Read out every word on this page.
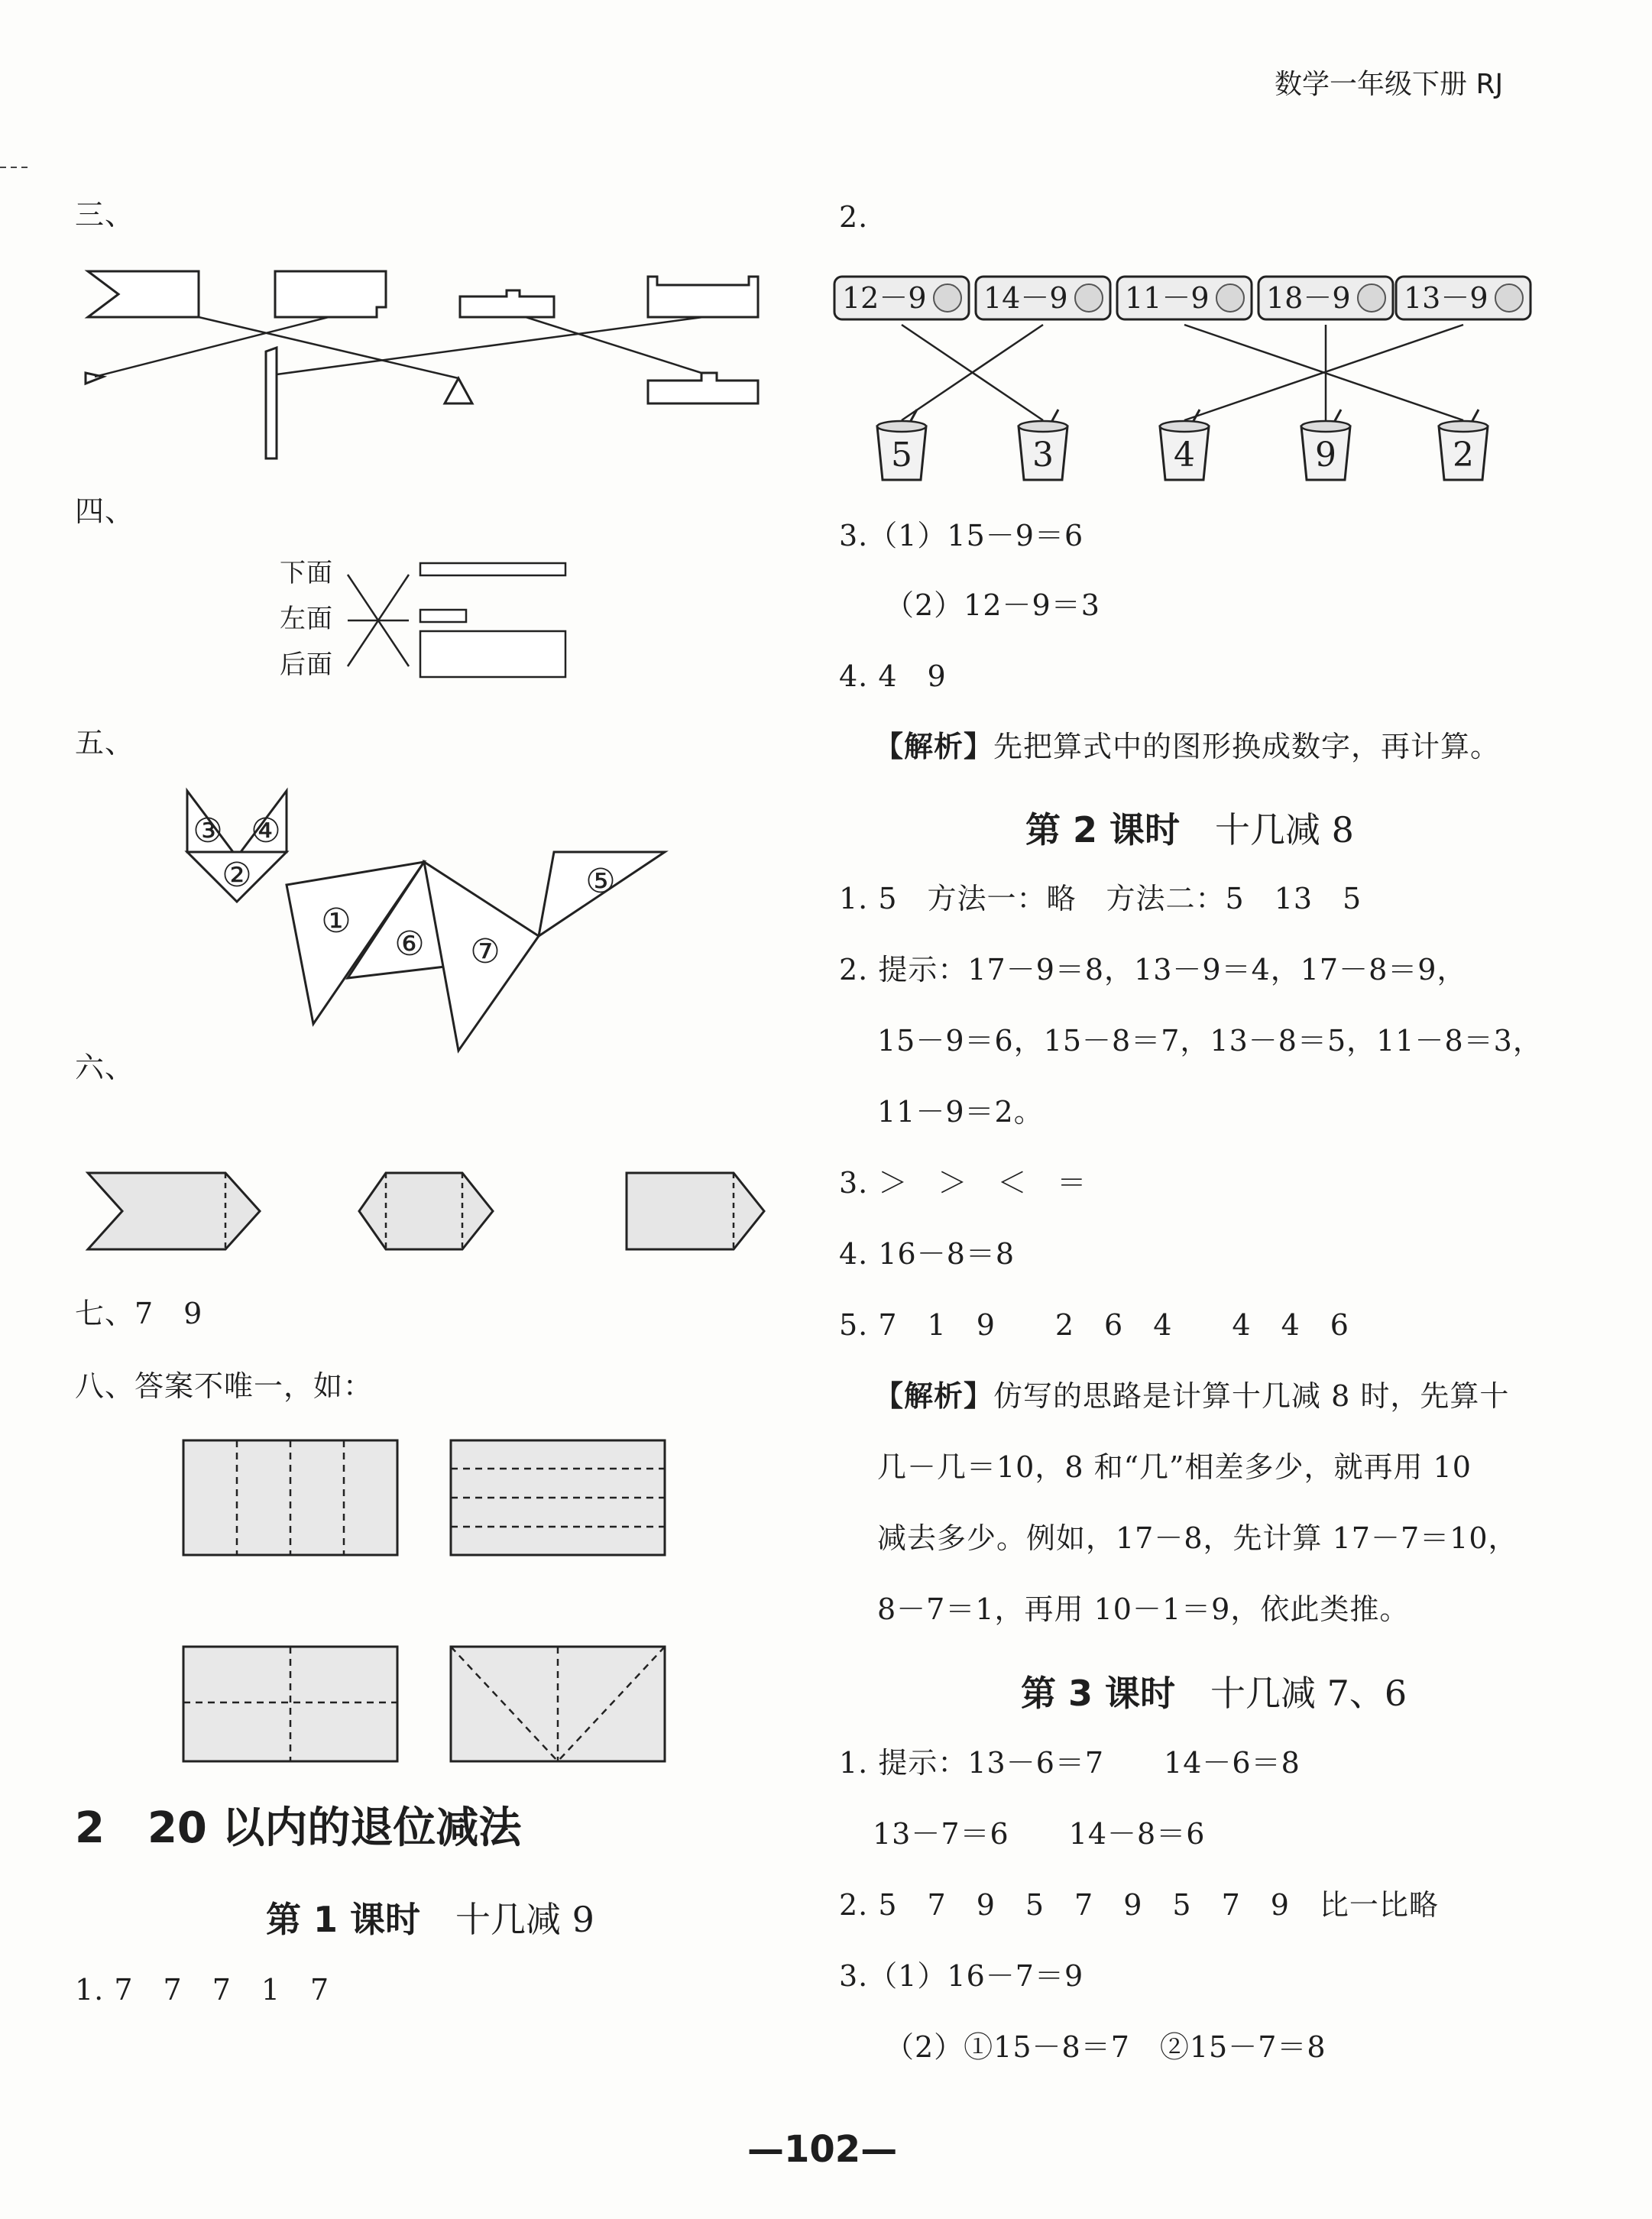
数学一年级下册 RJ
三、
四、
下面
左面
后面
五、
③ ④
②
①
⑥ ⑦
⑤
六、
七、7　9
八、答案不唯一，如：
2　20 以内的退位减法
第 1 课时　 十几减 9
1. 7　7　7　1　7
2.
12－9 14－9 11－9 18－9 13－9
5	3	4	9	2
3.（1）15－9＝6
（2）12－9＝3
4. 4　9
【解析】先把算式中的图形换成数字，再计算。
第 2 课时　 十几减 8
1. 5　方法一：略　方法二：5　13　5
2. 提示：17－9＝8，13－9＝4，17－8＝9，
15－9＝6，15－8＝7，13－8＝5，11－8＝3，
11－9＝2。
3. ＞　＞　＜　＝
4. 16－8＝8
5. 7　1　9　　2　6　4　　4　4　6
【解析】仿写的思路是计算十几减 8 时，先算十
几－几＝10，8 和“几”相差多少，就再用 10
减去多少。例如，17－8，先计算 17－7＝10，
8－7＝1，再用 10－1＝9，依此类推。
第 3 课时　 十几减 7、6
1. 提示：13－6＝7　　14－6＝8
13－7＝6　　14－8＝6
2. 5　7　9　5　7　9　5　7　9　比一比略
3.（1）16－7＝9
（2）①15－8＝7　②15－7＝8
—102—
